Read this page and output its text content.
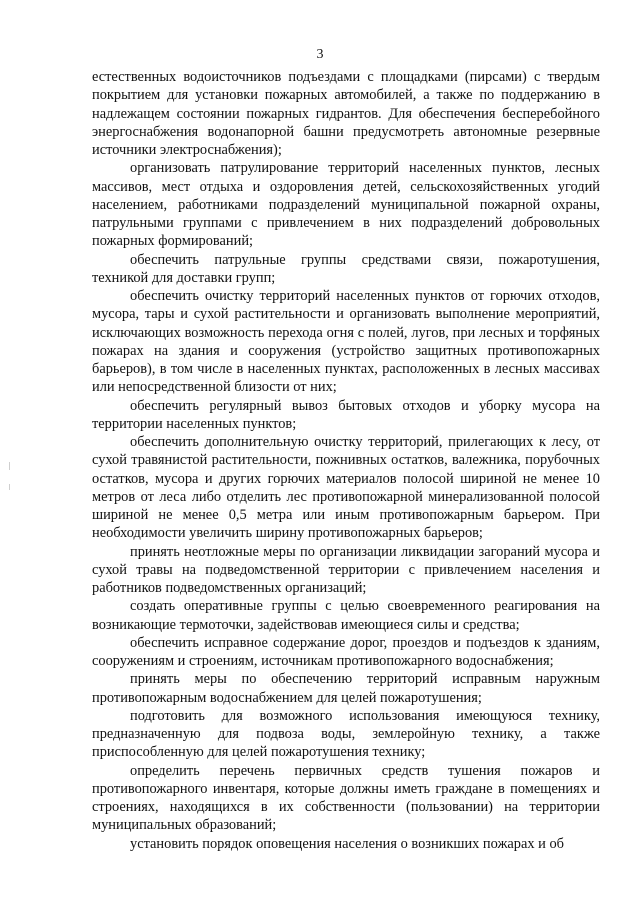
3

естественных водоисточников подъездами с площадками (пирсами) с твердым покрытием для установки пожарных автомобилей, а также по поддержанию в надлежащем состоянии пожарных гидрантов. Для обеспечения бесперебойного энергоснабжения водонапорной башни предусмотреть автономные резервные источники электроснабжения);

организовать патрулирование территорий населенных пунктов, лесных массивов, мест отдыха и оздоровления детей, сельскохозяйственных угодий населением, работниками подразделений муниципальной пожарной охраны, патрульными группами с привлечением в них подразделений добровольных пожарных формирований;

обеспечить патрульные группы средствами связи, пожаротушения, техникой для доставки групп;

обеспечить очистку территорий населенных пунктов от горючих отходов, мусора, тары и сухой растительности и организовать выполнение мероприятий, исключающих возможность перехода огня с полей, лугов, при лесных и торфяных пожарах на здания и сооружения (устройство защитных противопожарных барьеров), в том числе в населенных пунктах, расположенных в лесных массивах или непосредственной близости от них;

обеспечить регулярный вывоз бытовых отходов и уборку мусора на территории населенных пунктов;

обеспечить дополнительную очистку территорий, прилегающих к лесу, от сухой травянистой растительности, пожнивных остатков, валежника, порубочных остатков, мусора и других горючих материалов полосой шириной не менее 10 метров от леса либо отделить лес противопожарной минерализованной полосой шириной не менее 0,5 метра или иным противопожарным барьером. При необходимости увеличить ширину противопожарных барьеров;

принять неотложные меры по организации ликвидации загораний мусора и сухой травы на подведомственной территории с привлечением населения и работников подведомственных организаций;

создать оперативные группы с целью своевременного реагирования на возникающие термоточки, задействовав имеющиеся силы и средства;

обеспечить исправное содержание дорог, проездов и подъездов к зданиям, сооружениям и строениям, источникам противопожарного водоснабжения;

принять меры по обеспечению территорий исправным наружным противопожарным водоснабжением для целей пожаротушения;

подготовить для возможного использования имеющуюся технику, предназначенную для подвоза воды, землеройную технику, а также приспособленную для целей пожаротушения технику;

определить перечень первичных средств тушения пожаров и противопожарного инвентаря, которые должны иметь граждане в помещениях и строениях, находящихся в их собственности (пользовании) на территории муниципальных образований;

установить порядок оповещения населения о возникших пожарах и об
